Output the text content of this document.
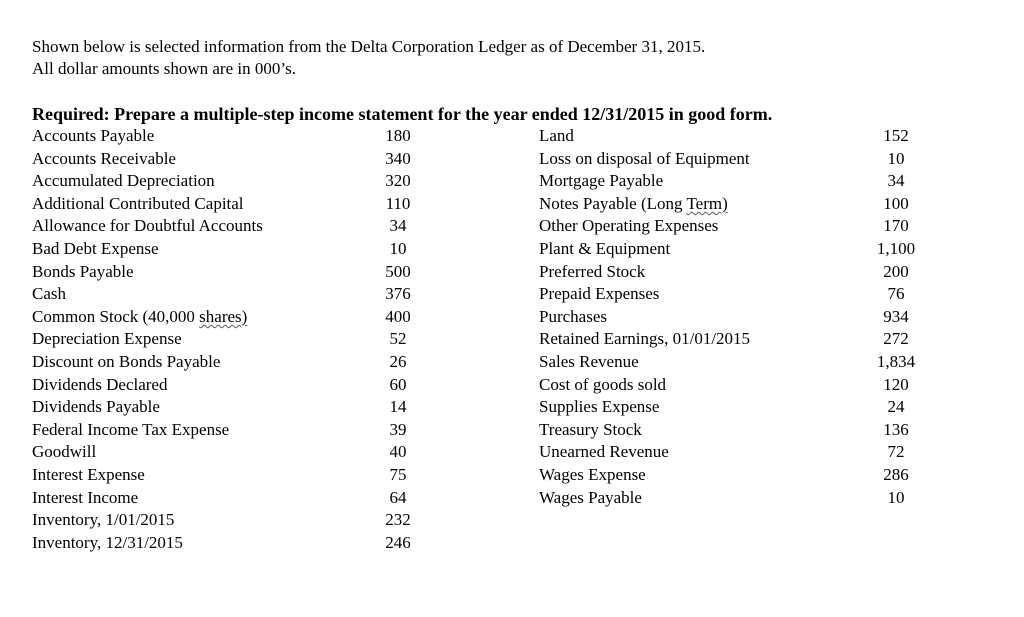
Shown below is selected information from the Delta Corporation Ledger as of December 31, 2015.
All dollar amounts shown are in 000’s.
Required: Prepare a multiple-step income statement for the year ended 12/31/2015 in good form.
Accounts Payable	180
Accounts Receivable	340
Accumulated Depreciation	320
Additional Contributed Capital	110
Allowance for Doubtful Accounts	34
Bad Debt Expense	10
Bonds Payable	500
Cash	376
Common Stock (40,000 shares)	400
Depreciation Expense	52
Discount on Bonds Payable	26
Dividends Declared	60
Dividends Payable	14
Federal Income Tax Expense	39
Goodwill	40
Interest Expense	75
Interest Income	64
Inventory, 1/01/2015	232
Inventory, 12/31/2015	246
Land	152
Loss on disposal of Equipment	10
Mortgage Payable	34
Notes Payable (Long Term)	100
Other Operating Expenses	170
Plant & Equipment	1,100
Preferred Stock	200
Prepaid Expenses	76
Purchases	934
Retained Earnings, 01/01/2015	272
Sales Revenue	1,834
Cost of goods sold	120
Supplies Expense	24
Treasury Stock	136
Unearned Revenue	72
Wages Expense	286
Wages Payable	10
